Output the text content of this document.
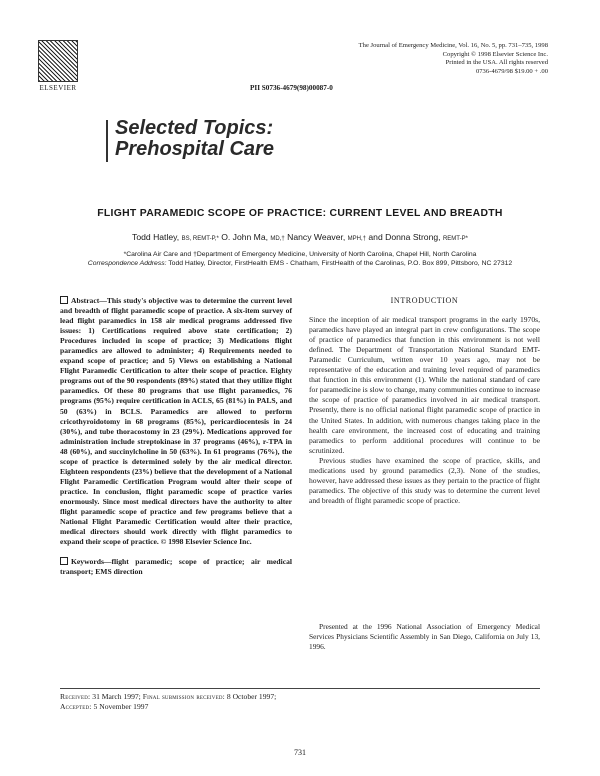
ELSEVIER
The Journal of Emergency Medicine, Vol. 16, No. 5, pp. 731–735, 1998
Copyright © 1998 Elsevier Science Inc.
Printed in the USA. All rights reserved
0736-4679/98 $19.00 + .00
PII S0736-4679(98)00087-0
Selected Topics:
Prehospital Care
FLIGHT PARAMEDIC SCOPE OF PRACTICE: CURRENT LEVEL AND BREADTH
Todd Hatley, BS, REMT-P,* O. John Ma, MD,† Nancy Weaver, MPH,† and Donna Strong, REMT-P*
*Carolina Air Care and †Department of Emergency Medicine, University of North Carolina, Chapel Hill, North Carolina
Correspondence Address: Todd Hatley, Director, FirstHealth EMS - Chatham, FirstHealth of the Carolinas, P.O. Box 899, Pittsboro, NC 27312

Abstract—This study's objective was to determine the current level and breadth of flight paramedic scope of practice. A six-item survey of lead flight paramedics in 158 air medical programs addressed five issues: 1) Certifications required above state certification; 2) Procedures included in scope of practice; 3) Medications flight paramedics are allowed to administer; 4) Requirements needed to expand scope of practice; and 5) Views on establishing a National Flight Paramedic Certification to alter their scope of practice. Eighty programs out of the 90 respondents (89%) stated that they utilize flight paramedics. Of these 80 programs that use flight paramedics, 76 programs (95%) require certification in ACLS, 65 (81%) in PALS, and 50 (63%) in BCLS. Paramedics are allowed to perform cricothyroidotomy in 68 programs (85%), pericardiocentesis in 24 (30%), and tube thoracostomy in 23 (29%). Medications approved for administration include streptokinase in 37 programs (46%), r-TPA in 48 (60%), and succinylcholine in 50 (63%). In 61 programs (76%), the scope of practice is determined solely by the air medical director. Eighteen respondents (23%) believe that the development of a National Flight Paramedic Certification Program would alter their scope of practice. In conclusion, flight paramedic scope of practice varies enormously. Since most medical directors have the authority to alter flight paramedic scope of practice and few programs believe that a National Flight Paramedic Certification would alter their practice, medical directors should work directly with flight paramedics to expand their scope of practice. © 1998 Elsevier Science Inc.

Keywords—flight paramedic; scope of practice; air medical transport; EMS direction

INTRODUCTION

Since the inception of air medical transport programs in the early 1970s, paramedics have played an integral part in crew configurations. The scope of practice of paramedics that function in this environment is not well defined. The Department of Transportation National Standard EMT-Paramedic Curriculum, written over 10 years ago, may not be representative of the education and training level required of paramedics that function in this environment (1). While the national standard of care for paramedicine is slow to change, many communities continue to increase the scope of practice of paramedics involved in air medical transport. Presently, there is no official national flight paramedic scope of practice in the United States. In addition, with numerous changes taking place in the health care environment, the increased cost of educating and training paramedics to perform additional procedures will continue to be scrutinized.

Previous studies have examined the scope of practice, skills, and medications used by ground paramedics (2,3). None of the studies, however, have addressed these issues as they pertain to the practice of flight paramedics. The objective of this study was to determine the current level and breadth of flight paramedic scope of practice.

Presented at the 1996 National Association of Emergency Medical Services Physicians Scientific Assembly in San Diego, California on July 13, 1996.
Received: 31 March 1997; Final submission received: 8 October 1997;
Accepted: 5 November 1997
731
